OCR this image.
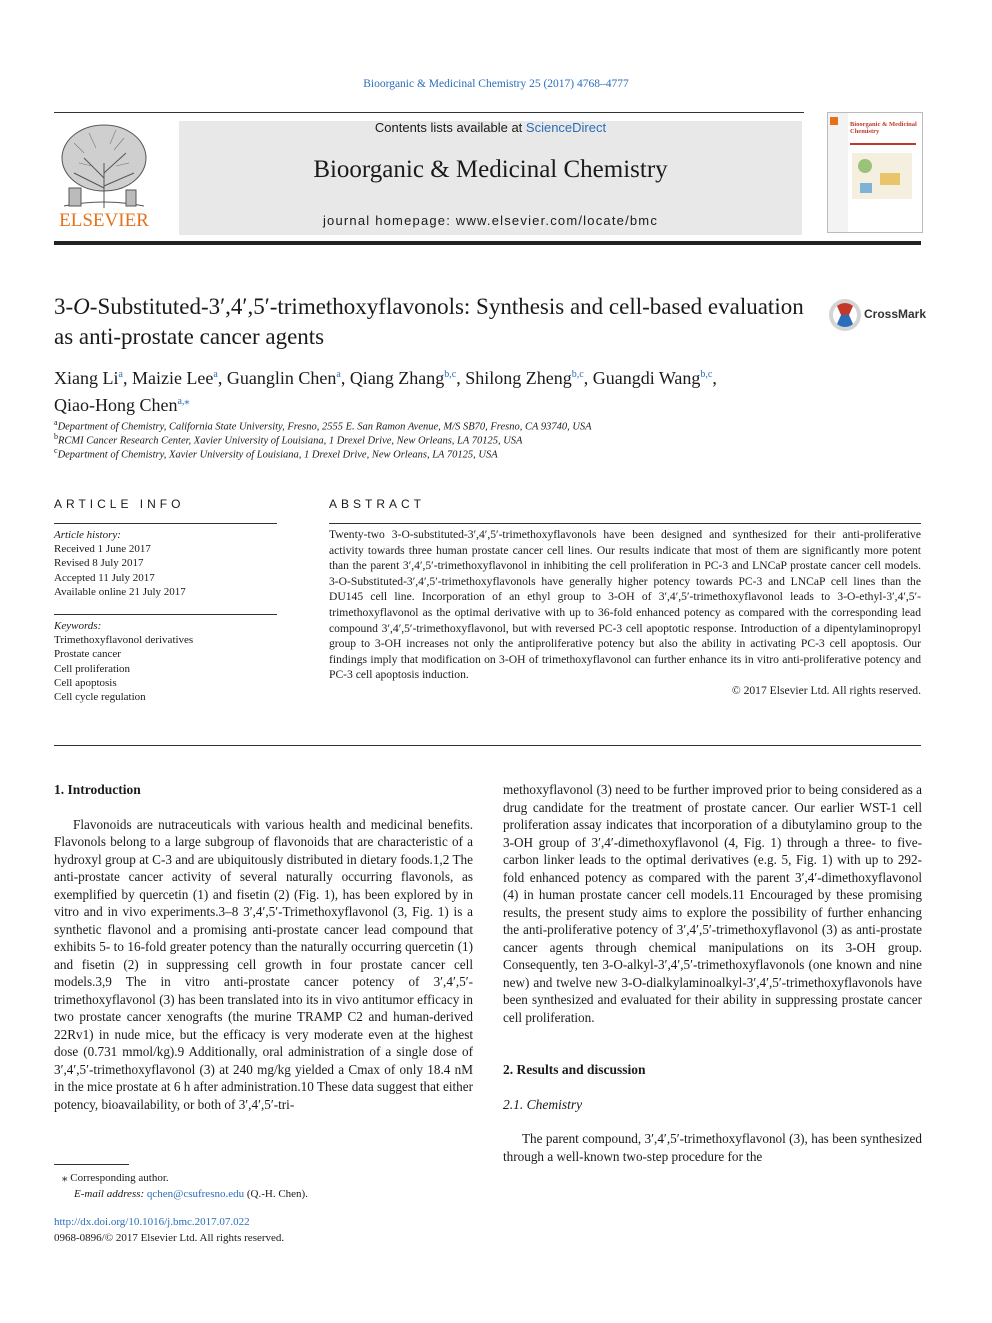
Bioorganic & Medicinal Chemistry 25 (2017) 4768–4777
ELSEVIER
Contents lists available at ScienceDirect
Bioorganic & Medicinal Chemistry
journal homepage: www.elsevier.com/locate/bmc
Bioorganic & Medicinal Chemistry
3-O-Substituted-3′,4′,5′-trimethoxyflavonols: Synthesis and cell-based evaluation as anti-prostate cancer agents
CrossMark
Xiang Li$^a$, Maizie Lee$^a$, Guanglin Chen$^a$, Qiang Zhang$^{b,c}$, Shilong Zheng$^{b,c}$, Guangdi Wang$^{b,c}$,
Qiao-Hong Chen$^{a,⁎}$
$^a$Department of Chemistry, California State University, Fresno, 2555 E. San Ramon Avenue, M/S SB70, Fresno, CA 93740, USA
$^b$RCMI Cancer Research Center, Xavier University of Louisiana, 1 Drexel Drive, New Orleans, LA 70125, USA
$^c$Department of Chemistry, Xavier University of Louisiana, 1 Drexel Drive, New Orleans, LA 70125, USA
ARTICLE INFO
Article history:
Received 1 June 2017
Revised 8 July 2017
Accepted 11 July 2017
Available online 21 July 2017
Keywords:
Trimethoxyflavonol derivatives
Prostate cancer
Cell proliferation
Cell apoptosis
Cell cycle regulation
ABSTRACT
Twenty-two 3-O-substituted-3′,4′,5′-trimethoxyflavonols have been designed and synthesized for their anti-proliferative activity towards three human prostate cancer cell lines. Our results indicate that most of them are significantly more potent than the parent 3′,4′,5′-trimethoxyflavonol in inhibiting the cell proliferation in PC-3 and LNCaP prostate cancer cell models. 3-O-Substituted-3′,4′,5′-trimethoxyflavonols have generally higher potency towards PC-3 and LNCaP cell lines than the DU145 cell line. Incorporation of an ethyl group to 3-OH of 3′,4′,5′-trimethoxyflavonol leads to 3-O-ethyl-3′,4′,5′-trimethoxyflavonol as the optimal derivative with up to 36-fold enhanced potency as compared with the corresponding lead compound 3′,4′,5′-trimethoxyflavonol, but with reversed PC-3 cell apoptotic response. Introduction of a dipentylaminopropyl group to 3-OH increases not only the antiproliferative potency but also the ability in activating PC-3 cell apoptosis. Our findings imply that modification on 3-OH of trimethoxyflavonol can further enhance its in vitro anti-proliferative potency and PC-3 cell apoptosis induction.
© 2017 Elsevier Ltd. All rights reserved.
1. Introduction

Flavonoids are nutraceuticals with various health and medicinal benefits. Flavonols belong to a large subgroup of flavonoids that are characteristic of a hydroxyl group at C-3 and are ubiquitously distributed in dietary foods.1,2 The anti-prostate cancer activity of several naturally occurring flavonols, as exemplified by quercetin (1) and fisetin (2) (Fig. 1), has been explored by in vitro and in vivo experiments.3–8 3′,4′,5′-Trimethoxyflavonol (3, Fig. 1) is a synthetic flavonol and a promising anti-prostate cancer lead compound that exhibits 5- to 16-fold greater potency than the naturally occurring quercetin (1) and fisetin (2) in suppressing cell growth in four prostate cancer cell models.3,9 The in vitro anti-prostate cancer potency of 3′,4′,5′-trimethoxyflavonol (3) has been translated into its in vivo antitumor efficacy in two prostate cancer xenografts (the murine TRAMP C2 and human-derived 22Rv1) in nude mice, but the efficacy is very moderate even at the highest dose (0.731 mmol/kg).9 Additionally, oral administration of a single dose of 3′,4′,5′-trimethoxyflavonol (3) at 240 mg/kg yielded a Cmax of only 18.4 nM in the mice prostate at 6 h after administration.10 These data suggest that either potency, bioavailability, or both of 3′,4′,5′-tri-

⁎ Corresponding author.
E-mail address: qchen@csufresno.edu (Q.-H. Chen).
http://dx.doi.org/10.1016/j.bmc.2017.07.022
0968-0896/© 2017 Elsevier Ltd. All rights reserved.

methoxyflavonol (3) need to be further improved prior to being considered as a drug candidate for the treatment of prostate cancer. Our earlier WST-1 cell proliferation assay indicates that incorporation of a dibutylamino group to the 3-OH group of 3′,4′-dimethoxyflavonol (4, Fig. 1) through a three- to five-carbon linker leads to the optimal derivatives (e.g. 5, Fig. 1) with up to 292-fold enhanced potency as compared with the parent 3′,4′-dimethoxyflavonol (4) in human prostate cancer cell models.11 Encouraged by these promising results, the present study aims to explore the possibility of further enhancing the anti-proliferative potency of 3′,4′,5′-trimethoxyflavonol (3) as anti-prostate cancer agents through chemical manipulations on its 3-OH group. Consequently, ten 3-O-alkyl-3′,4′,5′-trimethoxyflavonols (one known and nine new) and twelve new 3-O-dialkylaminoalkyl-3′,4′,5′-trimethoxyflavonols have been synthesized and evaluated for their ability in suppressing prostate cancer cell proliferation.

2. Results and discussion
2.1. Chemistry

The parent compound, 3′,4′,5′-trimethoxyflavonol (3), has been synthesized through a well-known two-step procedure for the
